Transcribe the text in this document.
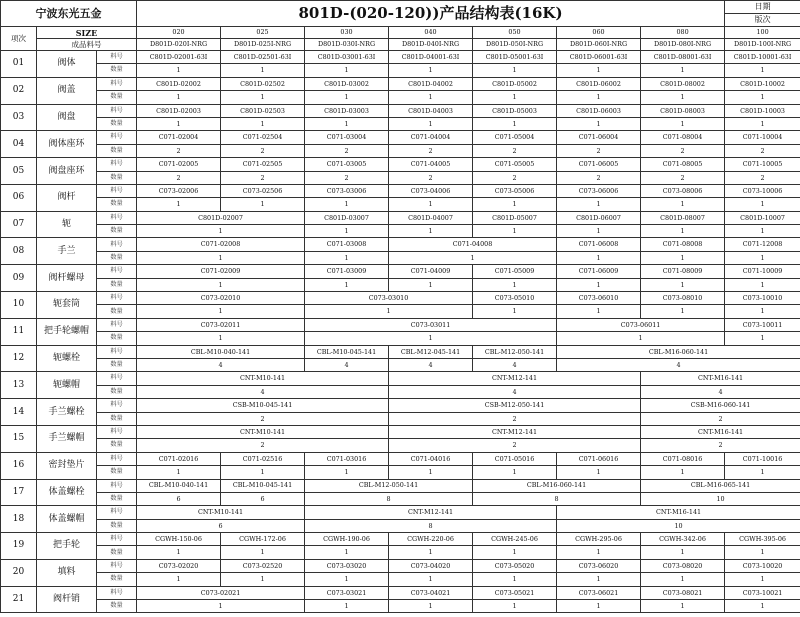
宁波东光五金			801D-(020-120))产品结构表(16K)							日期	
										版次	
项次	SIZE		020	025	030	040	050	060	080	100	
	成品料号		D801D-020I-NRG	D801D-025I-NRG	D801D-030I-NRG	D801D-040I-NRG	D801D-050I-NRG	D801D-060I-NRG	D801D-080I-NRG	D801D-100I-NRG	
01	阀体	料号	C801D-02001-63I	C801D-02501-63I	C801D-03001-63I	C801D-04001-63I	C801D-05001-63I	C801D-06001-63I	C801D-08001-63I	C801D-10001-63I	
		数量	1	1	1	1	1	1	1	1	
02	阀盖	料号	C801D-02002	C801D-02502	C801D-03002	C801D-04002	C801D-05002	C801D-06002	C801D-08002	C801D-10002	
		数量	1	1	1	1	1	1	1	1	
03	阀盘	料号	C801D-02003	C801D-02503	C801D-03003	C801D-04003	C801D-05003	C801D-06003	C801D-08003	C801D-10003	
		数量	1	1	1	1	1	1	1	1	
04	阀体座环	料号	C071-02004	C071-02504	C071-03004	C071-04004	C071-05004	C071-06004	C071-08004	C071-10004	
		数量	2	2	2	2	2	2	2	2	
05	阀盘座环	料号	C071-02005	C071-02505	C071-03005	C071-04005	C071-05005	C071-06005	C071-08005	C071-10005	
		数量	2	2	2	2	2	2	2	2	
06	阀杆	料号	C073-02006	C073-02506	C073-03006	C073-04006	C073-05006	C073-06006	C073-08006	C073-10006	
		数量	1	1	1	1	1	1	1	1	
07	轭	料号	C801D-02007		C801D-03007	C801D-04007	C801D-05007	C801D-06007	C801D-08007	C801D-10007	
		数量	1		1	1	1	1	1	1	
08	手兰	料号	C071-02008		C071-03008	C071-04008		C071-06008	C071-08008	C071-12008	
		数量	1		1	1		1	1	1	
09	阀杆螺母	料号	C071-02009		C071-03009	C071-04009	C071-05009	C071-06009	C071-08009	C071-10009	
		数量	1		1	1	1	1	1	1	
10	轭套筒	料号	C073-02010		C073-03010		C073-05010	C073-06010	C073-08010	C073-10010	
		数量	1		1		1	1	1	1	
11	把手轮螺帽	料号	C073-02011		C073-03011			C073-06011		C073-10011	
		数量	1		1			1		1	
12	轭螺栓	料号	CBL-M10-040-141		CBL-M10-045-141	CBL-M12-045-141	CBL-M12-050-141	CBL-M16-060-141			
		数量	4		4	4	4	4			
13	轭螺帽	料号	CNT-M10-141			CNT-M12-141			CNT-M16-141		
		数量	4			4			4		
14	手兰螺栓	料号	CSB-M10-045-141			CSB-M12-050-141			CSB-M16-060-141	
		数量	2			2			2		
15	手兰螺帽	料号	CNT-M10-141			CNT-M12-141			CNT-M16-141		
		数量	2			2			2		
16	密封垫片	料号	C071-02016	C071-02516	C071-03016	C071-04016	C071-05016	C071-06016	C071-08016	C071-10016	
		数量	1	1	1	1	1	1	1	1	
17	体盖螺栓	料号	CBL-M10-040-141	CBL-M10-045-141	CBL-M12-050-141		CBL-M16-060-141		CBL-M16-065-141		
		数量	6	6	8		8		10		
18	体盖螺帽	料号	CNT-M10-141		CNT-M12-141			CNT-M16-141			
		数量	6		8			10			
19	把手轮	料号	CGWH-150-06	CGWH-172-06	CGWH-190-06	CGWH-220-06	CGWH-245-06	CGWH-295-06	CGWH-342-06	CGWH-395-06	
		数量	1	1	1	1	1	1	1	1	
20	填料	料号	C073-02020	C073-02520	C073-03020	C073-04020	C073-05020	C073-06020	C073-08020	C073-10020	
		数量	1	1	1	1	1	1	1	1	
21	阀杆销	料号	C073-02021		C073-03021	C073-04021	C073-05021	C073-06021	C073-08021	C073-10021	
		数量	1		1	1	1	1	1	1	
